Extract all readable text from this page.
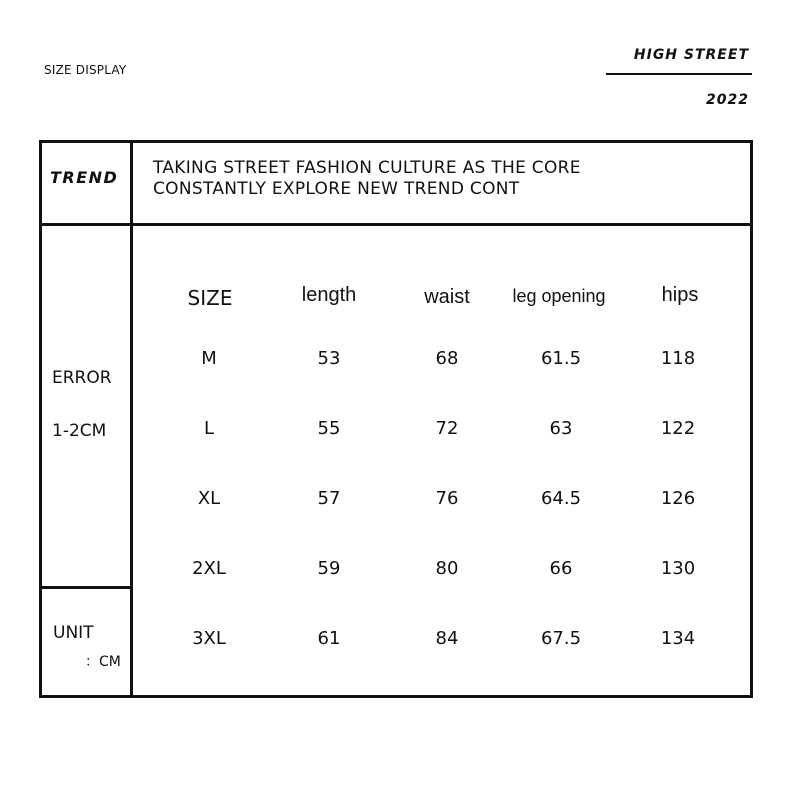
SIZE DISPLAY
HIGH STREET
2022
TREND TAKING STREET FASHION CULTURE AS THE CORE
CONSTANTLY EXPLORE NEW TREND CONT
ERROR
1-2CM
UNIT
：CM
SIZE	length	waist	leg opening	hips
M	53	68	61.5	118
L	55	72	63	122
XL	57	76	64.5	126
2XL	59	80	66	130
3XL	61	84	67.5	134
